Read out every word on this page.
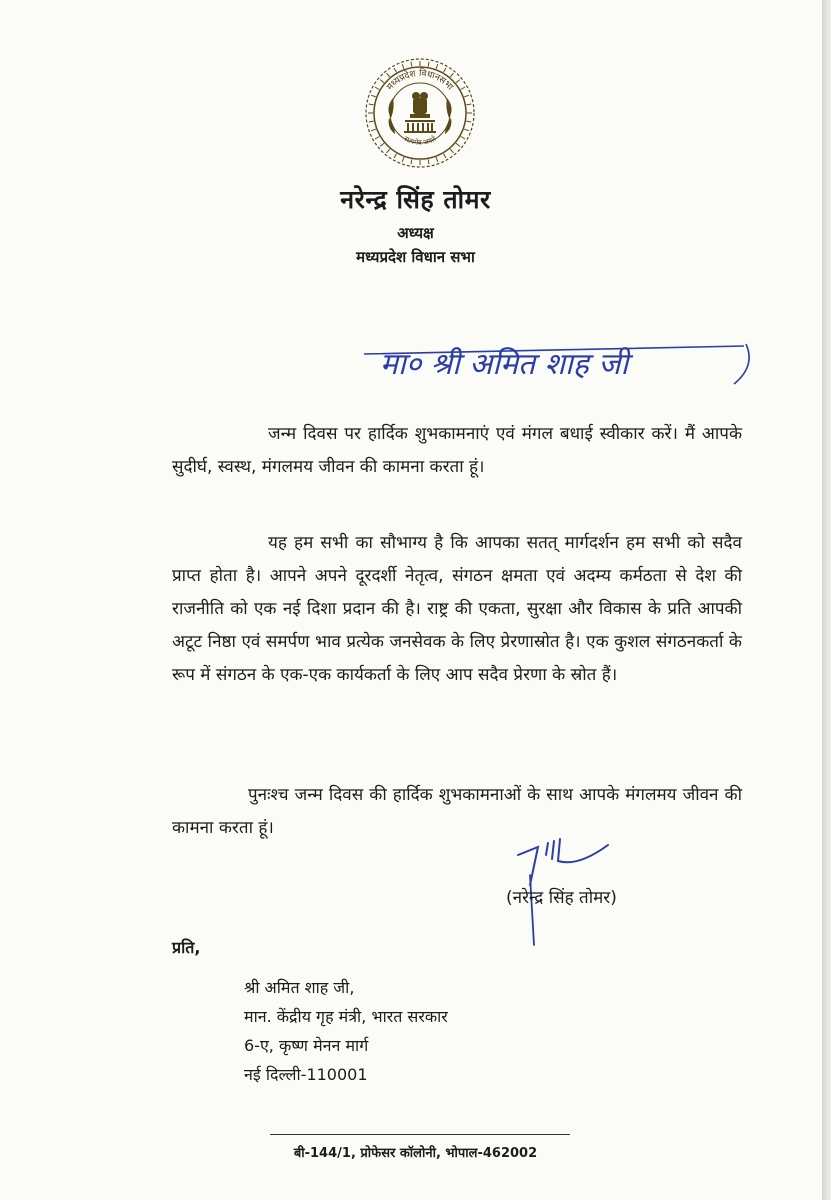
मध्यप्रदेश विधानसभा
सत्यमेव जयते
नरेन्द्र सिंह तोमर
अध्यक्ष
मध्यप्रदेश विधान सभा
मा० श्री अमित शाह जी
जन्म दिवस पर हार्दिक शुभकामनाएं एवं मंगल बधाई स्वीकार करें। मैं आपके सुदीर्घ, स्वस्थ, मंगलमय जीवन की कामना करता हूं।
यह हम सभी का सौभाग्य है कि आपका सतत् मार्गदर्शन हम सभी को सदैव प्राप्त होता है। आपने अपने दूरदर्शी नेतृत्व, संगठन क्षमता एवं अदम्य कर्मठता से देश की राजनीति को एक नई दिशा प्रदान की है। राष्ट्र की एकता, सुरक्षा और विकास के प्रति आपकी अटूट निष्ठा एवं समर्पण भाव प्रत्येक जनसेवक के लिए प्रेरणास्रोत है। एक कुशल संगठनकर्ता के रूप में संगठन के एक-एक कार्यकर्ता के लिए आप सदैव प्रेरणा के स्रोत हैं।
पुनःश्च जन्म दिवस की हार्दिक शुभकामनाओं के साथ आपके मंगलमय जीवन की कामना करता हूं।
(नरेन्द्र सिंह तोमर)
प्रति,
श्री अमित शाह जी,
मान. केंद्रीय गृह मंत्री, भारत सरकार
6-ए, कृष्ण मेनन मार्ग
नई दिल्ली-110001
बी-144/1, प्रोफेसर कॉलोनी, भोपाल-462002
